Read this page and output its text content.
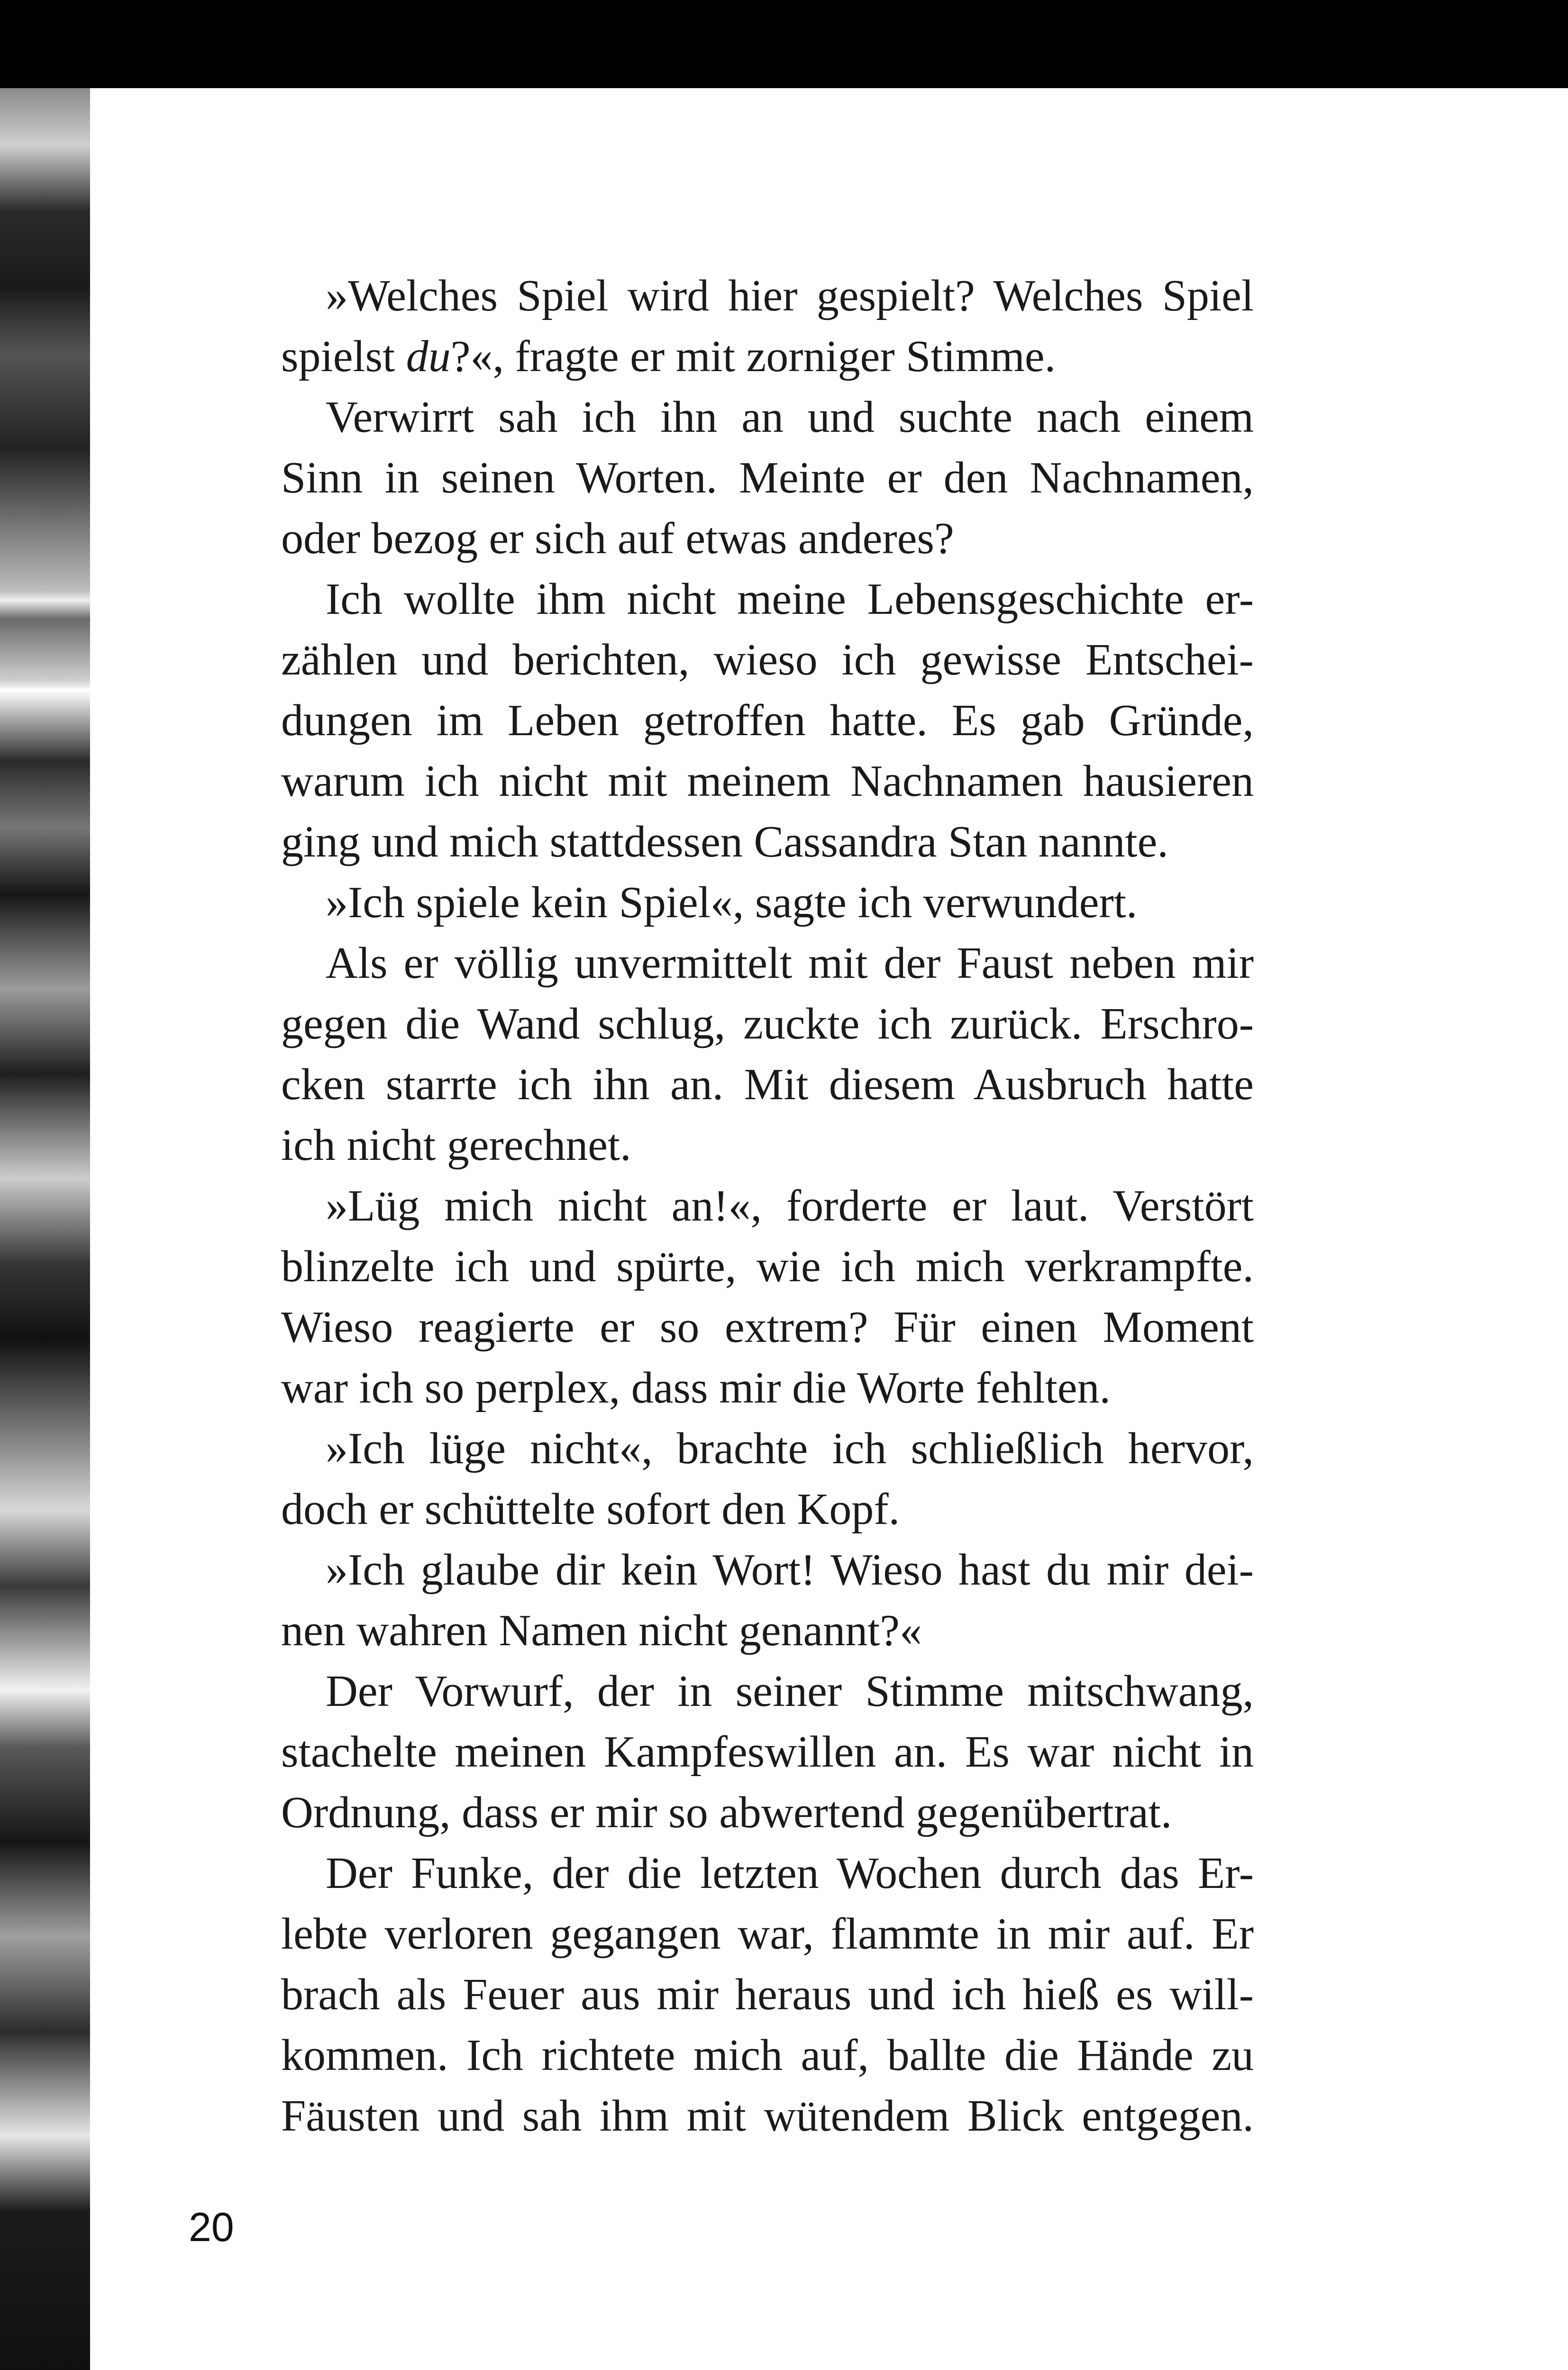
»Welches Spiel wird hier gespielt? Welches Spiel
spielst du?«, fragte er mit zorniger Stimme.

Verwirrt sah ich ihn an und suchte nach einem
Sinn in seinen Worten. Meinte er den Nachnamen,
oder bezog er sich auf etwas anderes?

Ich wollte ihm nicht meine Lebensgeschichte er-
zählen und berichten, wieso ich gewisse Entschei-
dungen im Leben getroffen hatte. Es gab Gründe,
warum ich nicht mit meinem Nachnamen hausieren
ging und mich stattdessen Cassandra Stan nannte.

»Ich spiele kein Spiel«, sagte ich verwundert.

Als er völlig unvermittelt mit der Faust neben mir
gegen die Wand schlug, zuckte ich zurück. Erschro-
cken starrte ich ihn an. Mit diesem Ausbruch hatte
ich nicht gerechnet.

»Lüg mich nicht an!«, forderte er laut. Verstört
blinzelte ich und spürte, wie ich mich verkrampfte.
Wieso reagierte er so extrem? Für einen Moment
war ich so perplex, dass mir die Worte fehlten.

»Ich lüge nicht«, brachte ich schließlich hervor,
doch er schüttelte sofort den Kopf.

»Ich glaube dir kein Wort! Wieso hast du mir dei-
nen wahren Namen nicht genannt?«

Der Vorwurf, der in seiner Stimme mitschwang,
stachelte meinen Kampfeswillen an. Es war nicht in
Ordnung, dass er mir so abwertend gegenübertrat.

Der Funke, der die letzten Wochen durch das Er-
lebte verloren gegangen war, flammte in mir auf. Er
brach als Feuer aus mir heraus und ich hieß es will-
kommen. Ich richtete mich auf, ballte die Hände zu
Fäusten und sah ihm mit wütendem Blick entgegen.

20
